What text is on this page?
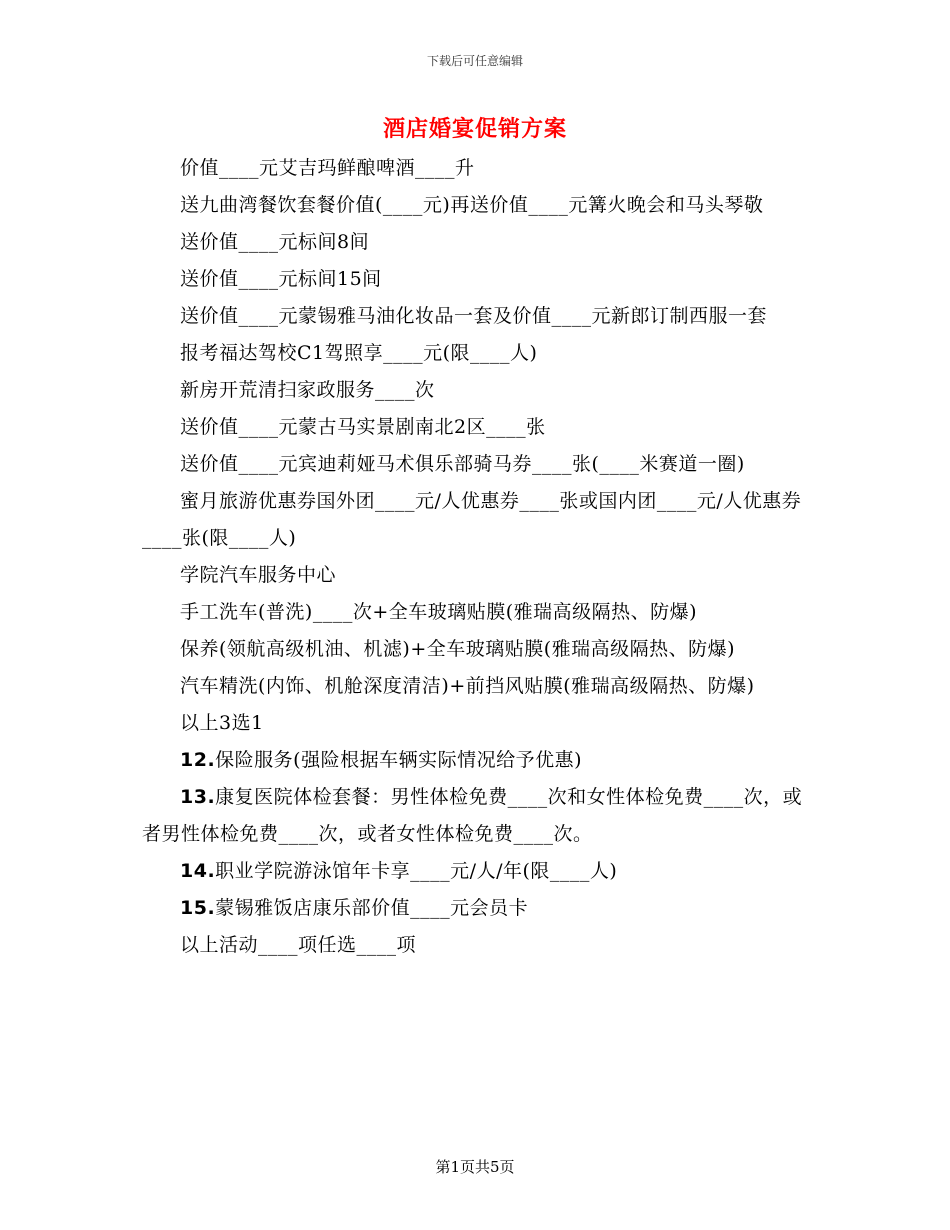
下载后可任意编辑
酒店婚宴促销方案

价值____元艾吉玛鲜酿啤酒____升

送九曲湾餐饮套餐价值(____元)再送价值____元篝火晚会和马头琴敬

送价值____元标间8间

送价值____元标间15间

送价值____元蒙锡雅马油化妆品一套及价值____元新郎订制西服一套

报考福达驾校C1驾照享____元(限____人)

新房开荒清扫家政服务____次

送价值____元蒙古马实景剧南北2区____张

送价值____元宾迪莉娅马术俱乐部骑马券____张(____米赛道一圈)

蜜月旅游优惠券国外团____元/人优惠券____张或国内团____元/人优惠券____张(限____人)

学院汽车服务中心

手工洗车(普洗)____次+全车玻璃贴膜(雅瑞高级隔热、防爆)

保养(领航高级机油、机滤)+全车玻璃贴膜(雅瑞高级隔热、防爆)

汽车精洗(内饰、机舱深度清洁)+前挡风贴膜(雅瑞高级隔热、防爆)

以上3选1

12.保险服务(强险根据车辆实际情况给予优惠)

13.康复医院体检套餐：男性体检免费____次和女性体检免费____次，或者男性体检免费____次，或者女性体检免费____次。

14.职业学院游泳馆年卡享____元/人/年(限____人)

15.蒙锡雅饭店康乐部价值____元会员卡

以上活动____项任选____项

第1页共5页
